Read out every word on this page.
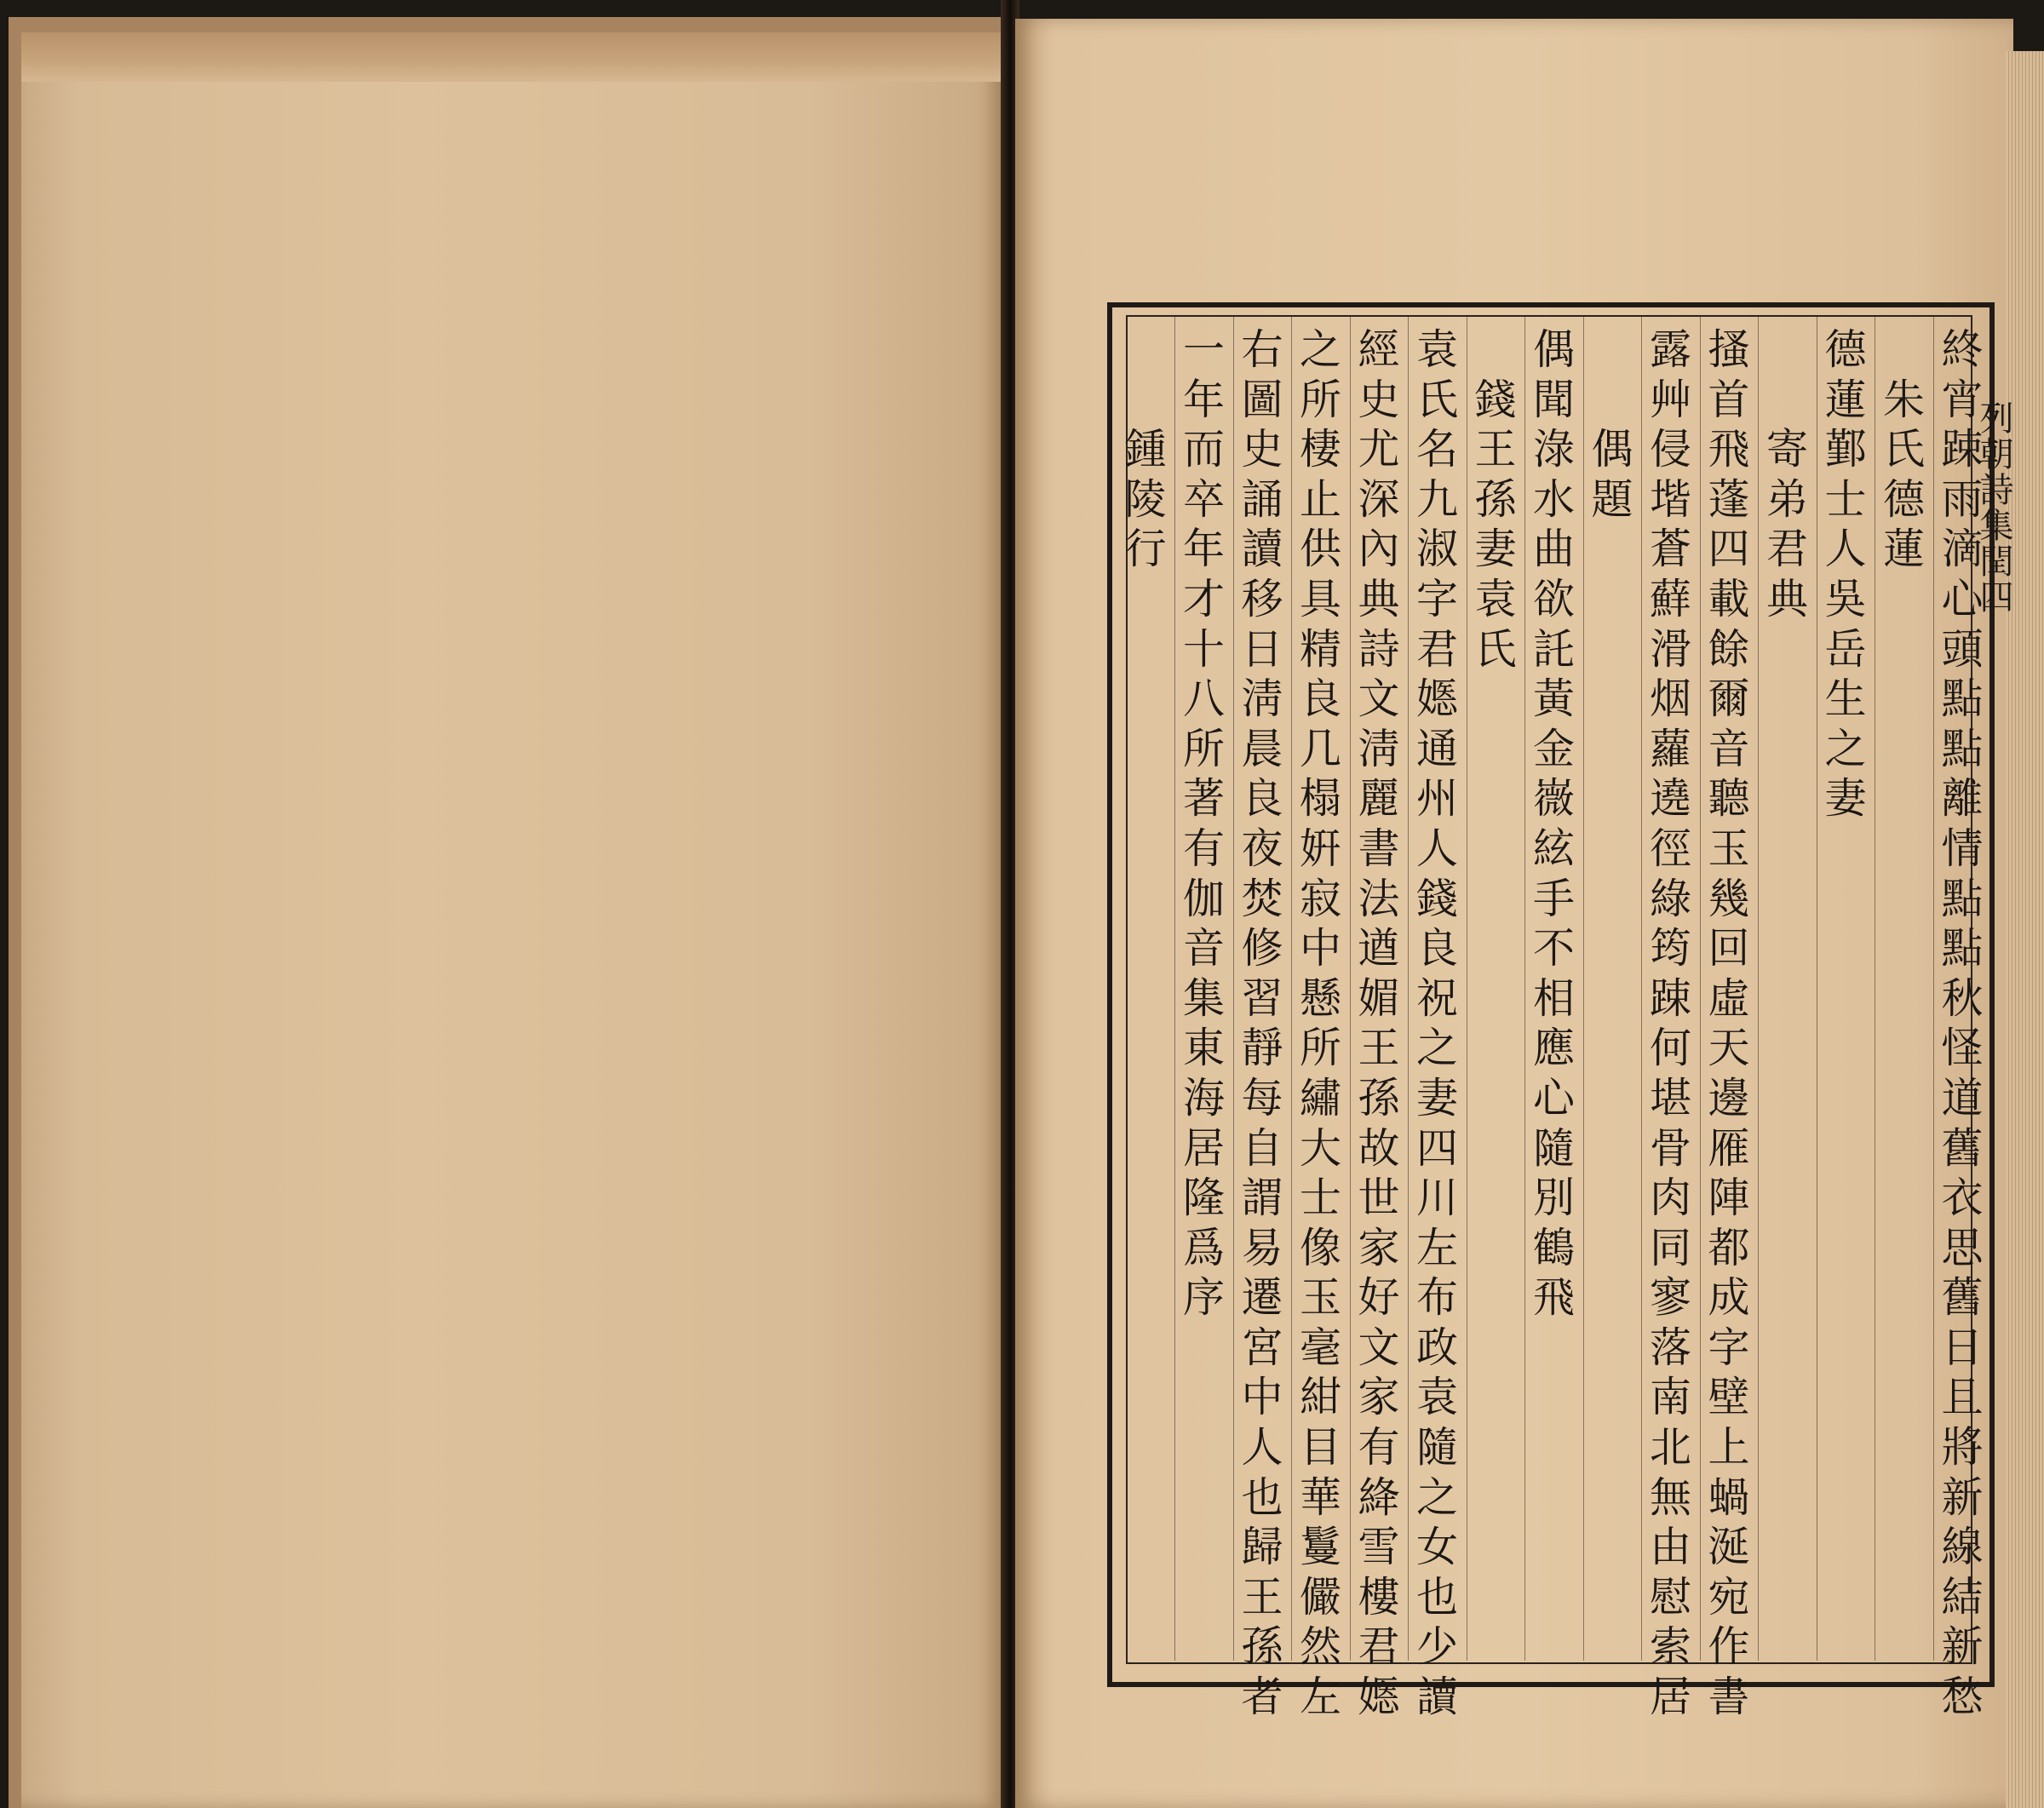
列朝詩集閏四
終
宵
踈
雨
滴
心
頭
點
點
離
情
點
點
秋
怪
道
舊
衣
思
舊
日
且
將
新
線
結
新
愁
朱
氏
德
蓮
德
蓮
鄞
士
人
吳
岳
生
之
妻
寄
弟
君
典
搔
首
飛
蓬
四
載
餘
爾
音
聽
玉
幾
回
虛
天
邊
雁
陣
都
成
字
壁
上
蝸
涎
宛
作
書
露
艸
侵
堦
蒼
蘚
滑
烟
蘿
遶
徑
綠
筠
踈
何
堪
骨
肉
同
寥
落
南
北
無
由
慰
索
居
偶
題
偶
聞
淥
水
曲
欲
託
黃
金
嶶
絃
手
不
相
應
心
隨
別
鶴
飛
錢
王
孫
妻
袁
氏
袁
氏
名
九
淑
字
君
嫕
通
州
人
錢
良
祝
之
妻
四
川
左
布
政
袁
隨
之
女
也
少
讀
經
史
尤
深
內
典
詩
文
淸
麗
書
法
遒
媚
王
孫
故
世
家
好
文
家
有
絳
雪
樓
君
嫕
之
所
棲
止
供
具
精
良
几
榻
姸
寂
中
懸
所
繡
大
士
像
玉
毫
紺
目
華
鬘
儼
然
左
右
圖
史
誦
讀
移
日
淸
晨
良
夜
焚
修
習
靜
每
自
謂
易
遷
宮
中
人
也
歸
王
孫
者
一
年
而
卒
年
才
十
八
所
著
有
伽
音
集
東
海
居
隆
爲
序
鍾
陵
行
